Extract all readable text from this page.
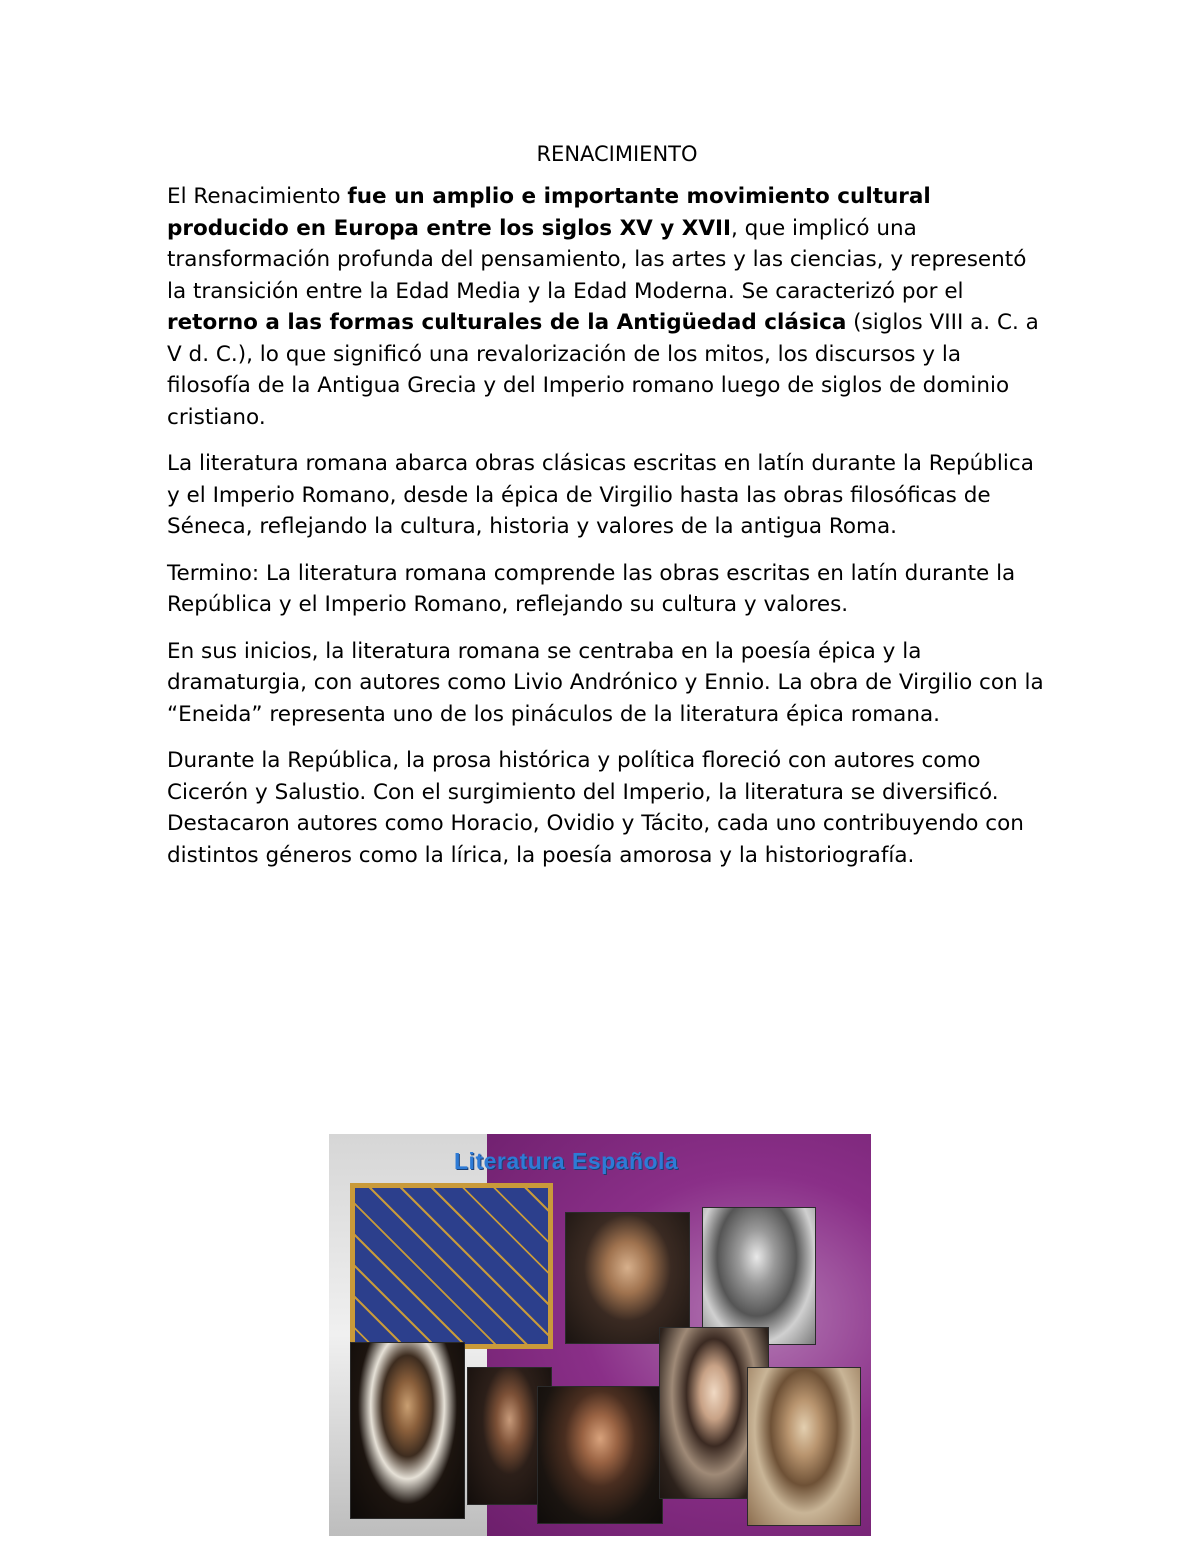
RENACIMIENTO

El Renacimiento fue un amplio e importante movimiento cultural producido en Europa entre los siglos XV y XVII, que implicó una transformación profunda del pensamiento, las artes y las ciencias, y representó la transición entre la Edad Media y la Edad Moderna. Se caracterizó por el retorno a las formas culturales de la Antigüedad clásica (siglos VIII a. C. a V d. C.), lo que significó una revalorización de los mitos, los discursos y la filosofía de la Antigua Grecia y del Imperio romano luego de siglos de dominio cristiano.

La literatura romana abarca obras clásicas escritas en latín durante la República y el Imperio Romano, desde la épica de Virgilio hasta las obras filosóficas de Séneca, reflejando la cultura, historia y valores de la antigua Roma.

Termino: La literatura romana comprende las obras escritas en latín durante la República y el Imperio Romano, reflejando su cultura y valores.

En sus inicios, la literatura romana se centraba en la poesía épica y la dramaturgia, con autores como Livio Andrónico y Ennio. La obra de Virgilio con la “Eneida” representa uno de los pináculos de la literatura épica romana.

Durante la República, la prosa histórica y política floreció con autores como Cicerón y Salustio. Con el surgimiento del Imperio, la literatura se diversificó. Destacaron autores como Horacio, Ovidio y Tácito, cada uno contribuyendo con distintos géneros como la lírica, la poesía amorosa y la historiografía.

Literatura Española
